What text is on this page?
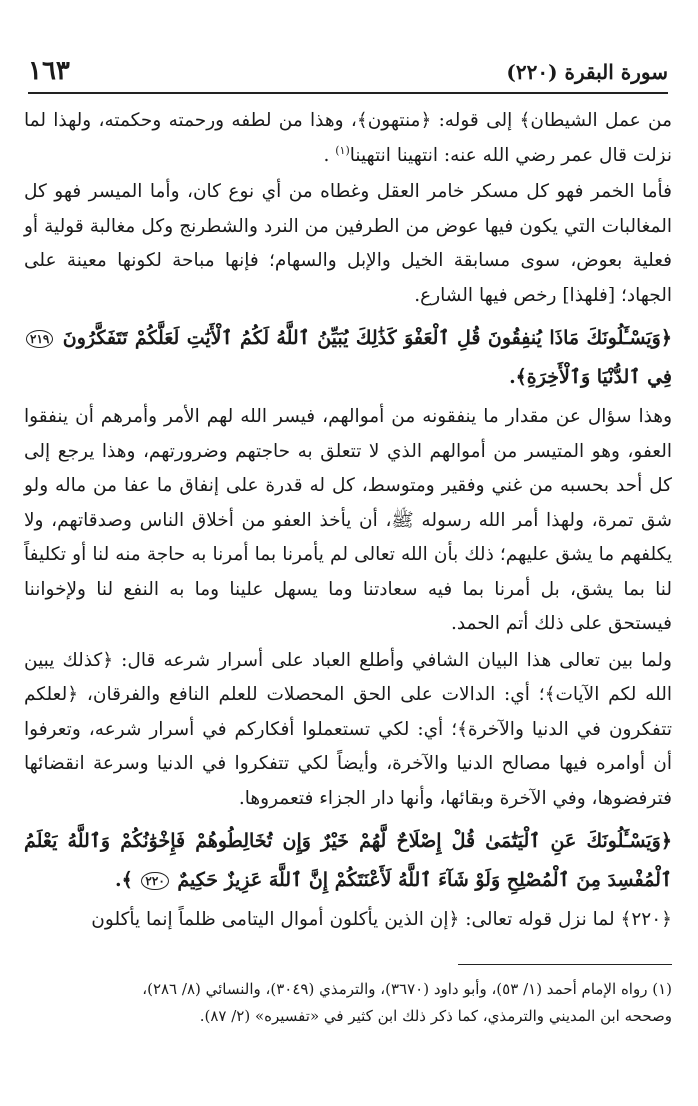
سورة البقرة (٢٢٠)
١٦٣

من عمل الشيطان﴾ إلى قوله: ﴿منتهون﴾، وهذا من لطفه ورحمته وحكمته، ولهذا لما نزلت قال عمر رضي الله عنه: انتهينا انتهينا$^{(١)}$ .

فأما الخمر فهو كل مسكر خامر العقل وغطاه من أي نوع كان، وأما الميسر فهو كل المغالبات التي يكون فيها عوض من الطرفين من النرد والشطرنج وكل مغالبة قولية أو فعلية بعوض، سوى مسابقة الخيل والإبل والسهام؛ فإنها مباحة لكونها معينة على الجهاد؛ [فلهذا] رخص فيها الشارع.

﴿وَيَسْـَٔلُونَكَ مَاذَا يُنفِقُونَ قُلِ ٱلْعَفْوَ كَذَٰلِكَ يُبَيِّنُ ٱللَّهُ لَكُمُ ٱلْأَيَٰتِ لَعَلَّكُمْ تَتَفَكَّرُونَ ٢١٩ فِي ٱلدُّنْيَا وَٱلْأَخِرَةِ﴾.

وهذا سؤال عن مقدار ما ينفقونه من أموالهم، فيسر الله لهم الأمر وأمرهم أن ينفقوا العفو، وهو المتيسر من أموالهم الذي لا تتعلق به حاجتهم وضرورتهم، وهذا يرجع إلى كل أحد بحسبه من غني وفقير ومتوسط، كل له قدرة على إنفاق ما عفا من ماله ولو شق تمرة، ولهذا أمر الله رسوله ﷺ، أن يأخذ العفو من أخلاق الناس وصدقاتهم، ولا يكلفهم ما يشق عليهم؛ ذلك بأن الله تعالى لم يأمرنا بما أمرنا به حاجة منه لنا أو تكليفاً لنا بما يشق، بل أمرنا بما فيه سعادتنا وما يسهل علينا وما به النفع لنا ولإخواننا فيستحق على ذلك أتم الحمد.

ولما بين تعالى هذا البيان الشافي وأطلع العباد على أسرار شرعه قال: ﴿كذلك يبين الله لكم الآيات﴾؛ أي: الدالات على الحق المحصلات للعلم النافع والفرقان، ﴿لعلكم تتفكرون في الدنيا والآخرة﴾؛ أي: لكي تستعملوا أفكاركم في أسرار شرعه، وتعرفوا أن أوامره فيها مصالح الدنيا والآخرة، وأيضاً لكي تتفكروا في الدنيا وسرعة انقضائها فترفضوها، وفي الآخرة وبقائها، وأنها دار الجزاء فتعمروها.

﴿وَيَسْـَٔلُونَكَ عَنِ ٱلْيَتَٰمَىٰ قُلْ إِصْلَاحٌ لَّهُمْ خَيْرٌ وَإِن تُخَالِطُوهُمْ فَإِخْوَٰنُكُمْ وَٱللَّهُ يَعْلَمُ ٱلْمُفْسِدَ مِنَ ٱلْمُصْلِحِ وَلَوْ شَآءَ ٱللَّهُ لَأَعْنَتَكُمْ إِنَّ ٱللَّهَ عَزِيزٌ حَكِيمٌ ٢٢٠ ﴾.

﴿٢٢٠﴾ لما نزل قوله تعالى: ﴿إن الذين يأكلون أموال اليتامى ظلماً إنما يأكلون

(١) رواه الإمام أحمد (١/ ٥٣)، وأبو داود (٣٦٧٠)، والترمذي (٣٠٤٩)، والنسائي (٨/ ٢٨٦)،

وصححه ابن المديني والترمذي، كما ذكر ذلك ابن كثير في «تفسيره» (٢/ ٨٧).
